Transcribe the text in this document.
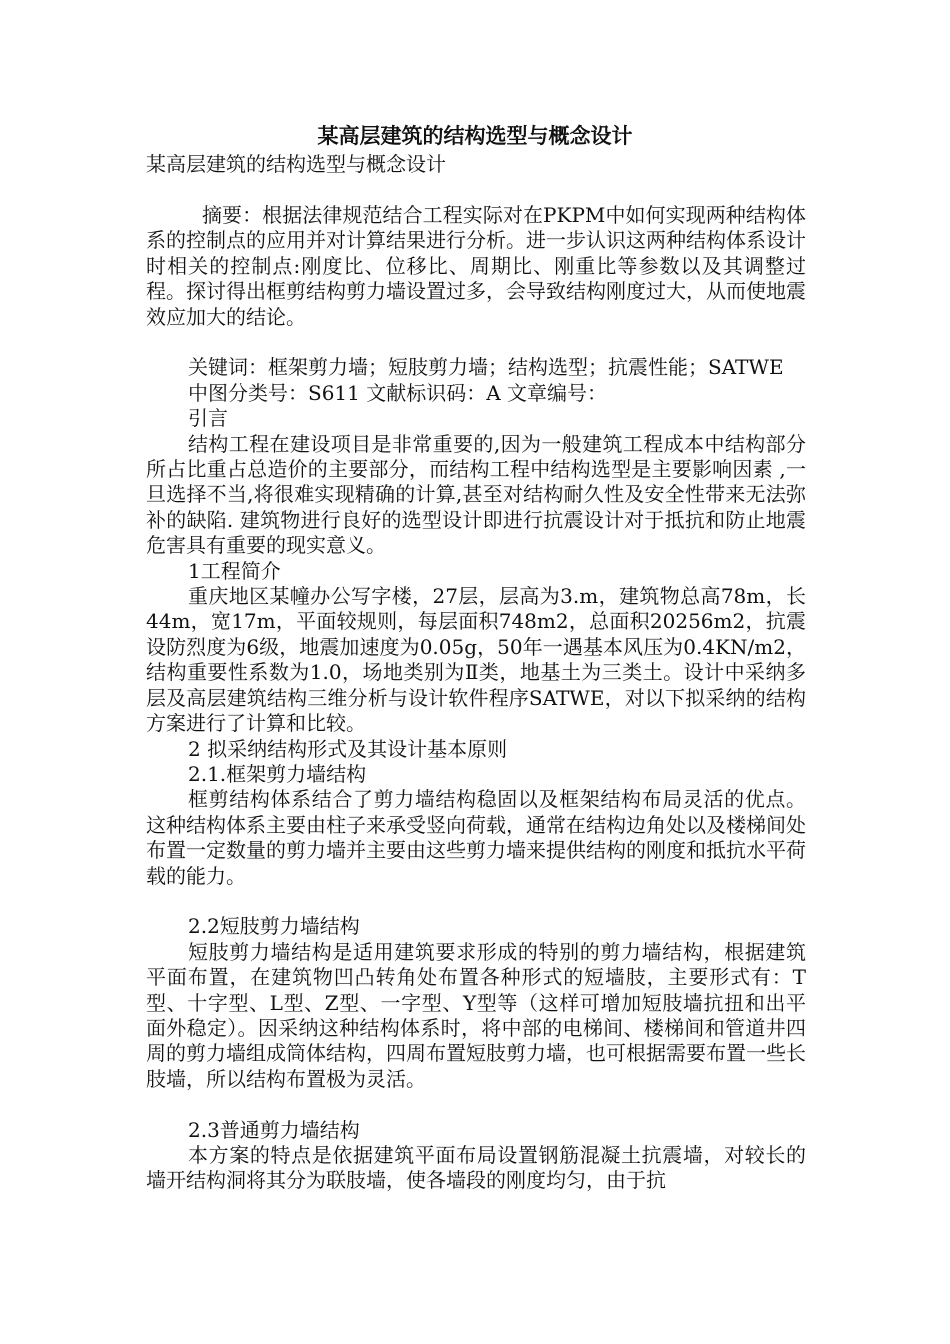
某高层建筑的结构选型与概念设计
某高层建筑的结构选型与概念设计

摘要：根据法律规范结合工程实际对在PKPM中如何实现两种结构体系的控制点的应用并对计算结果进行分析。进一步认识这两种结构体系设计时相关的控制点:刚度比、位移比、周期比、刚重比等参数以及其调整过程。探讨得出框剪结构剪力墙设置过多，会导致结构刚度过大，从而使地震效应加大的结论。

关键词：框架剪力墙；短肢剪力墙；结构选型；抗震性能；SATWE

中图分类号：S611 文献标识码：A 文章编号：

引言

结构工程在建设项目是非常重要的,因为一般建筑工程成本中结构部分所占比重占总造价的主要部分，而结构工程中结构选型是主要影响因素 ,一旦选择不当,将很难实现精确的计算,甚至对结构耐久性及安全性带来无法弥补的缺陷. 建筑物进行良好的选型设计即进行抗震设计对于抵抗和防止地震危害具有重要的现实意义。

1工程简介

重庆地区某幢办公写字楼，27层，层高为3.m，建筑物总高78m，长44m，宽17m，平面较规则，每层面积748m2，总面积20256m2，抗震设防烈度为6级，地震加速度为0.05g，50年一遇基本风压为0.4KN/m2，结构重要性系数为1.0，场地类别为Ⅱ类，地基土为三类土。设计中采纳多层及高层建筑结构三维分析与设计软件程序SATWE，对以下拟采纳的结构方案进行了计算和比较。

2 拟采纳结构形式及其设计基本原则

2.1.框架剪力墙结构

框剪结构体系结合了剪力墙结构稳固以及框架结构布局灵活的优点。这种结构体系主要由柱子来承受竖向荷载，通常在结构边角处以及楼梯间处布置一定数量的剪力墙并主要由这些剪力墙来提供结构的刚度和抵抗水平荷载的能力。

2.2短肢剪力墙结构

短肢剪力墙结构是适用建筑要求形成的特别的剪力墙结构，根据建筑平面布置，在建筑物凹凸转角处布置各种形式的短墙肢，主要形式有：T型、十字型、L型、Z型、一字型、Y型等（这样可增加短肢墙抗扭和出平面外稳定）。因采纳这种结构体系时，将中部的电梯间、楼梯间和管道井四周的剪力墙组成筒体结构，四周布置短肢剪力墙，也可根据需要布置一些长肢墙，所以结构布置极为灵活。

2.3普通剪力墙结构

本方案的特点是依据建筑平面布局设置钢筋混凝土抗震墙，对较长的墙开结构洞将其分为联肢墙，使各墙段的刚度均匀，由于抗
